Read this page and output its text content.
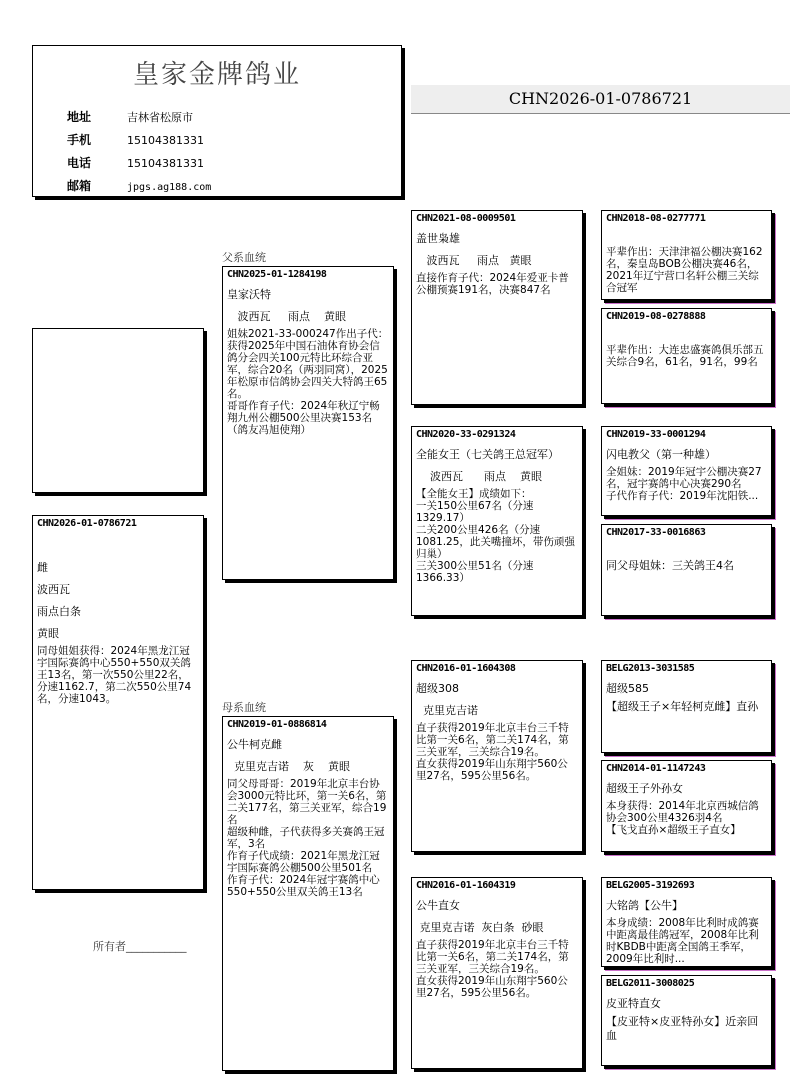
皇家金牌鸽业
地址	吉林省松原市
手机	15104381331
电话	15104381331
邮箱	jpgs.ag188.com
CHN2026-01-0786721
CHN2026-01-0786721
雌
波西瓦
雨点白条
黄眼
同母姐姐获得：2024年黑龙江冠宇国际赛鸽中心550+550双关鸽王13名，第一次550公里22名，分速1162.7，第二次550公里74名，分速1043。
所有者___________
父系血统
母系血统
CHN2025-01-1284198
皇家沃特
波西瓦     雨点    黄眼
姐妹2021-33-000247作出子代：获得2025年中国石油体育协会信鸽分会四关100元特比环综合亚军，综合20名（两羽同窝），2025年松原市信鸽协会四关大特鸽王65名。
哥哥作育子代：2024年秋辽宁畅翔九州公棚500公里决赛153名（鸽友冯旭使翔）
CHN2019-01-0886814
公牛柯克雌
克里克吉诺    灰    黄眼
同父母哥哥：2019年北京丰台协会3000元特比环，第一关6名，第二关177名，第三关亚军，综合19名
超级种雌，子代获得多关赛鸽王冠军，3名
作育子代成绩：2021年黑龙江冠宇国际赛鸽公棚500公里501名
作育子代：2024年冠宇赛鸽中心550+550公里双关鸽王13名
CHN2021-08-0009501
盖世枭雄
波西瓦     雨点   黄眼
直接作育子代：2024年爱亚卡普公棚预赛191名，决赛847名
CHN2020-33-0291324
全能女王（七关鸽王总冠军）
波西瓦      雨点    黄眼
【全能女王】成绩如下：
一关150公里67名（分速1329.17）
二关200公里426名（分速1081.25，此关嘴撞坏，带伤顽强归巢）
三关300公里51名（分速1366.33）
CHN2016-01-1604308
超级308
克里克吉诺
直子获得2019年北京丰台三千特比第一关6名，第二关174名，第三关亚军，三关综合19名。
直女获得2019年山东翔宇560公里27名，595公里56名。
CHN2016-01-1604319
公牛直女
克里克吉诺  灰白条  砂眼
直子获得2019年北京丰台三千特比第一关6名，第二关174名，第三关亚军，三关综合19名。
直女获得2019年山东翔宇560公里27名，595公里56名。
CHN2018-08-0277771
平辈作出：天津津福公棚决赛162名，秦皇岛BOB公棚决赛46名，2021年辽宁营口名轩公棚三关综合冠军
CHN2019-08-0278888
平辈作出：大连忠盛赛鸽俱乐部五关综合9名，61名，91名，99名
CHN2019-33-0001294
闪电教父（第一种雄）
全姐妹：2019年冠宇公棚决赛27名，冠宇赛鸽中心决赛290名
子代作育子代：2019年沈阳铁...
CHN2017-33-0016863
同父母姐妹：三关鸽王4名
BELG2013-3031585
超级585
【超级王子×年轻柯克雌】直孙
CHN2014-01-1147243
超级王子外孙女
本身获得：2014年北京西城信鸽协会300公里4326羽4名
【飞戈直孙×超级王子直女】
BELG2005-3192693
大铭鸽【公牛】
本身成绩：2008年比利时成鸽赛中距离最佳鸽冠军，2008年比利时KBDB中距离全国鸽王季军，2009年比利时...
BELG2011-3008025
皮亚特直女
【皮亚特×皮亚特孙女】近亲回血
